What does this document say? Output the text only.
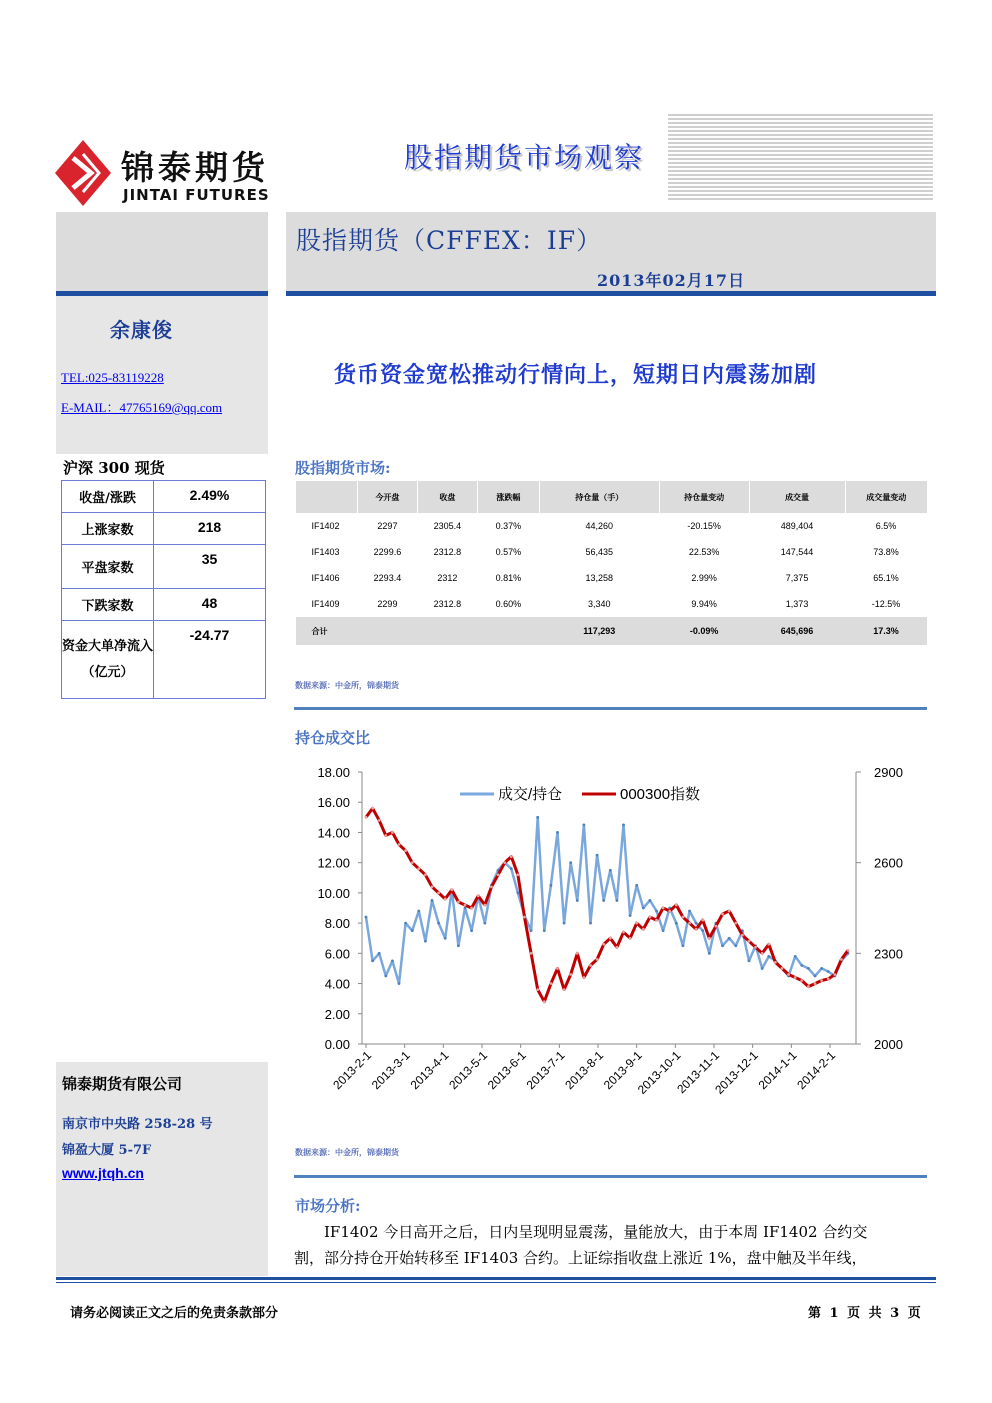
锦泰期货
JINTAI FUTURES
股指期货市场观察
余康俊
TEL:025-83119228
E-MAIL：47765169@qq.com
沪深 300 现货
收盘/涨跌	2.49%
上涨家数	218
平盘家数	35
下跌家数	48
资金大单净流入（亿元）	-24.77
锦泰期货有限公司
南京市中央路 258-28 号
锦盈大厦 5-7F
www.jtqh.cn
股指期货（CFFEX：IF）
2013年02月17日
货币资金宽松推动行情向上，短期日内震荡加剧
股指期货市场:
	今开盘	收盘	涨跌幅	持仓量（手）	持仓量变动	成交量	成交量变动
IF1402	2297	2305.4	0.37%	44,260	-20.15%	489,404	6.5%
IF1403	2299.6	2312.8	0.57%	56,435	22.53%	147,544	73.8%
IF1406	2293.4	2312	0.81%	13,258	2.99%	7,375	65.1%
IF1409	2299	2312.8	0.60%	3,340	9.94%	1,373	-12.5%
合计				117,293	-0.09%	645,696	17.3%
数据来源：中金所，锦泰期货
持仓成交比
0.00
2.00
4.00
6.00
8.00
10.00
12.00
14.00
16.00
18.00
2000
2300
2600
2900
2013-2-1
2013-3-1
2013-4-1
2013-5-1
2013-6-1
2013-7-1
2013-8-1
2013-9-1
2013-10-1
2013-11-1
2013-12-1
2014-1-1
2014-2-1
成交/持仓	000300指数
数据来源：中金所，锦泰期货
市场分析:
IF1402 今日高开之后，日内呈现明显震荡，量能放大，由于本周 IF1402 合约交
割，部分持仓开始转移至 IF1403 合约。上证综指收盘上涨近 1%，盘中触及半年线，
请务必阅读正文之后的免责条款部分	第 1 页 共 3 页
